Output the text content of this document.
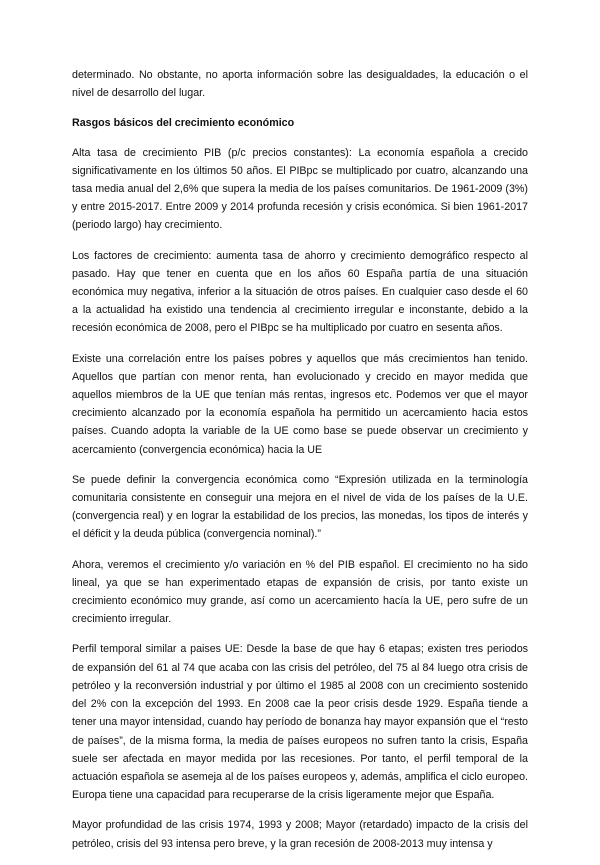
determinado. No obstante, no aporta información sobre las desigualdades, la educación o el nivel de desarrollo del lugar.

Rasgos básicos del crecimiento económico

Alta tasa de crecimiento PIB (p/c precios constantes): La economía española a crecido significativamente en los últimos 50 años. El PIBpc se multiplicado por cuatro, alcanzando una tasa media anual del 2,6% que supera la media de los países comunitarios. De 1961-2009 (3%) y entre 2015-2017. Entre 2009 y 2014 profunda recesión y crisis económica. Si bien 1961-2017 (periodo largo) hay crecimiento.

Los factores de crecimiento: aumenta tasa de ahorro y crecimiento demográfico respecto al pasado. Hay que tener en cuenta que en los años 60 España partía de una situación económica muy negativa, inferior a la situación de otros países. En cualquier caso desde el 60 a la actualidad ha existido una tendencia al crecimiento irregular e inconstante, debido a la recesión económica de 2008, pero el PIBpc se ha multiplicado por cuatro en sesenta años.

Existe una correlación entre los países pobres y aquellos que más crecimientos han tenido. Aquellos que partían con menor renta, han evolucionado y crecido en mayor medida que aquellos miembros de la UE que tenían más rentas, ingresos etc. Podemos ver que el mayor crecimiento alcanzado por la economía española ha permitido un acercamiento hacia estos países. Cuando adopta la variable de la UE como base se puede observar un crecimiento y acercamiento (convergencia económica) hacia la UE

Se puede definir la convergencia económica como “Expresión utilizada en la terminología comunitaria consistente en conseguir una mejora en el nivel de vida de los países de la U.E. (convergencia real) y en lograr la estabilidad de los precios, las monedas, los tipos de interés y el déficit y la deuda pública (convergencia nominal).”

Ahora, veremos el crecimiento y/o variación en % del PIB español. El crecimiento no ha sido lineal, ya que se han experimentado etapas de expansión de crisis, por tanto existe un crecimiento económico muy grande, así como un acercamiento hacía la UE, pero sufre de un crecimiento irregular.

Perfil temporal similar a paises UE: Desde la base de que hay 6 etapas; existen tres periodos de expansión del 61 al 74 que acaba con las crisis del petróleo, del 75 al 84 luego otra crisis de petróleo y la reconversión industrial y por último el 1985 al 2008 con un crecimiento sostenido del 2% con la excepción del 1993. En 2008 cae la peor crisis desde 1929. España tiende a tener una mayor intensidad, cuando hay período de bonanza hay mayor expansión que el “resto de países”, de la misma forma, la media de países europeos no sufren tanto la crisis, España suele ser afectada en mayor medida por las recesiones. Por tanto, el perfil temporal de la actuación española se asemeja al de los países europeos y, además, amplifica el ciclo europeo. Europa tiene una capacidad para recuperarse de la crisis ligeramente mejor que España.

Mayor profundidad de las crisis 1974, 1993 y 2008; Mayor (retardado) impacto de la crisis del petróleo, crisis del 93 intensa pero breve, y la gran recesión de 2008-2013 muy intensa y
